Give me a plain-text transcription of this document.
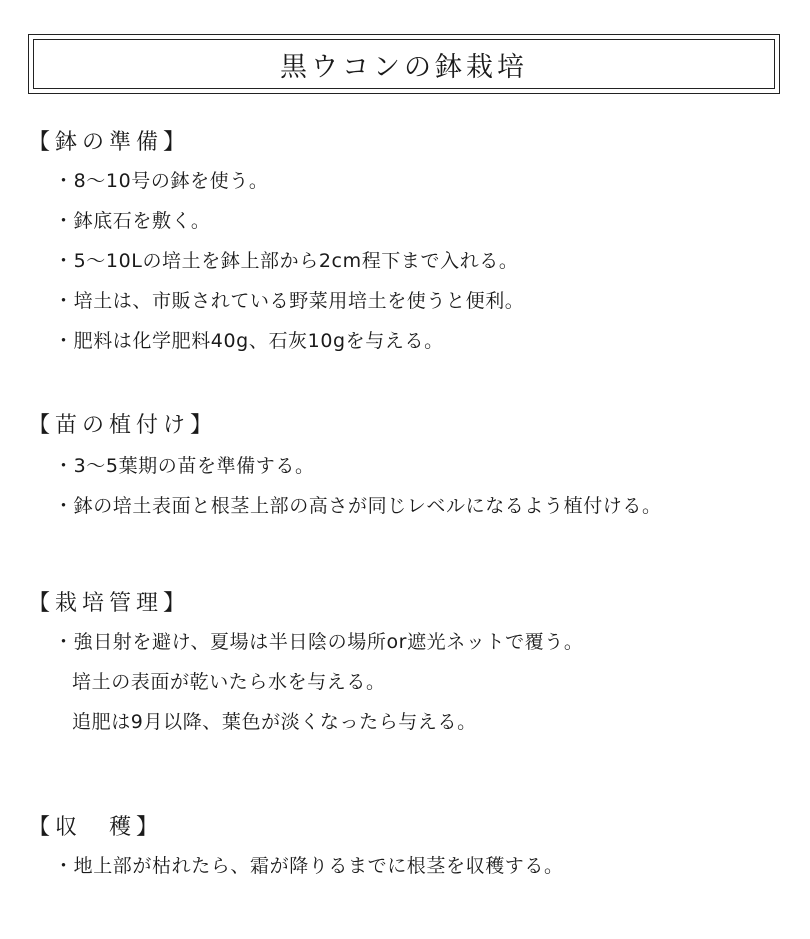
黒ウコンの鉢栽培
【鉢の準備】
・8～10号の鉢を使う。
・鉢底石を敷く。
・5～10Lの培土を鉢上部から2cm程下まで入れる。
・培土は、市販されている野菜用培土を使うと便利。
・肥料は化学肥料40g、石灰10gを与える。
【苗の植付け】
・3～5葉期の苗を準備する。
・鉢の培土表面と根茎上部の高さが同じレベルになるよう植付ける。
【栽培管理】
・強日射を避け、夏場は半日陰の場所or遮光ネットで覆う。
培土の表面が乾いたら水を与える。
追肥は9月以降、葉色が淡くなったら与える。
【収　穫】
・地上部が枯れたら、霜が降りるまでに根茎を収穫する。
